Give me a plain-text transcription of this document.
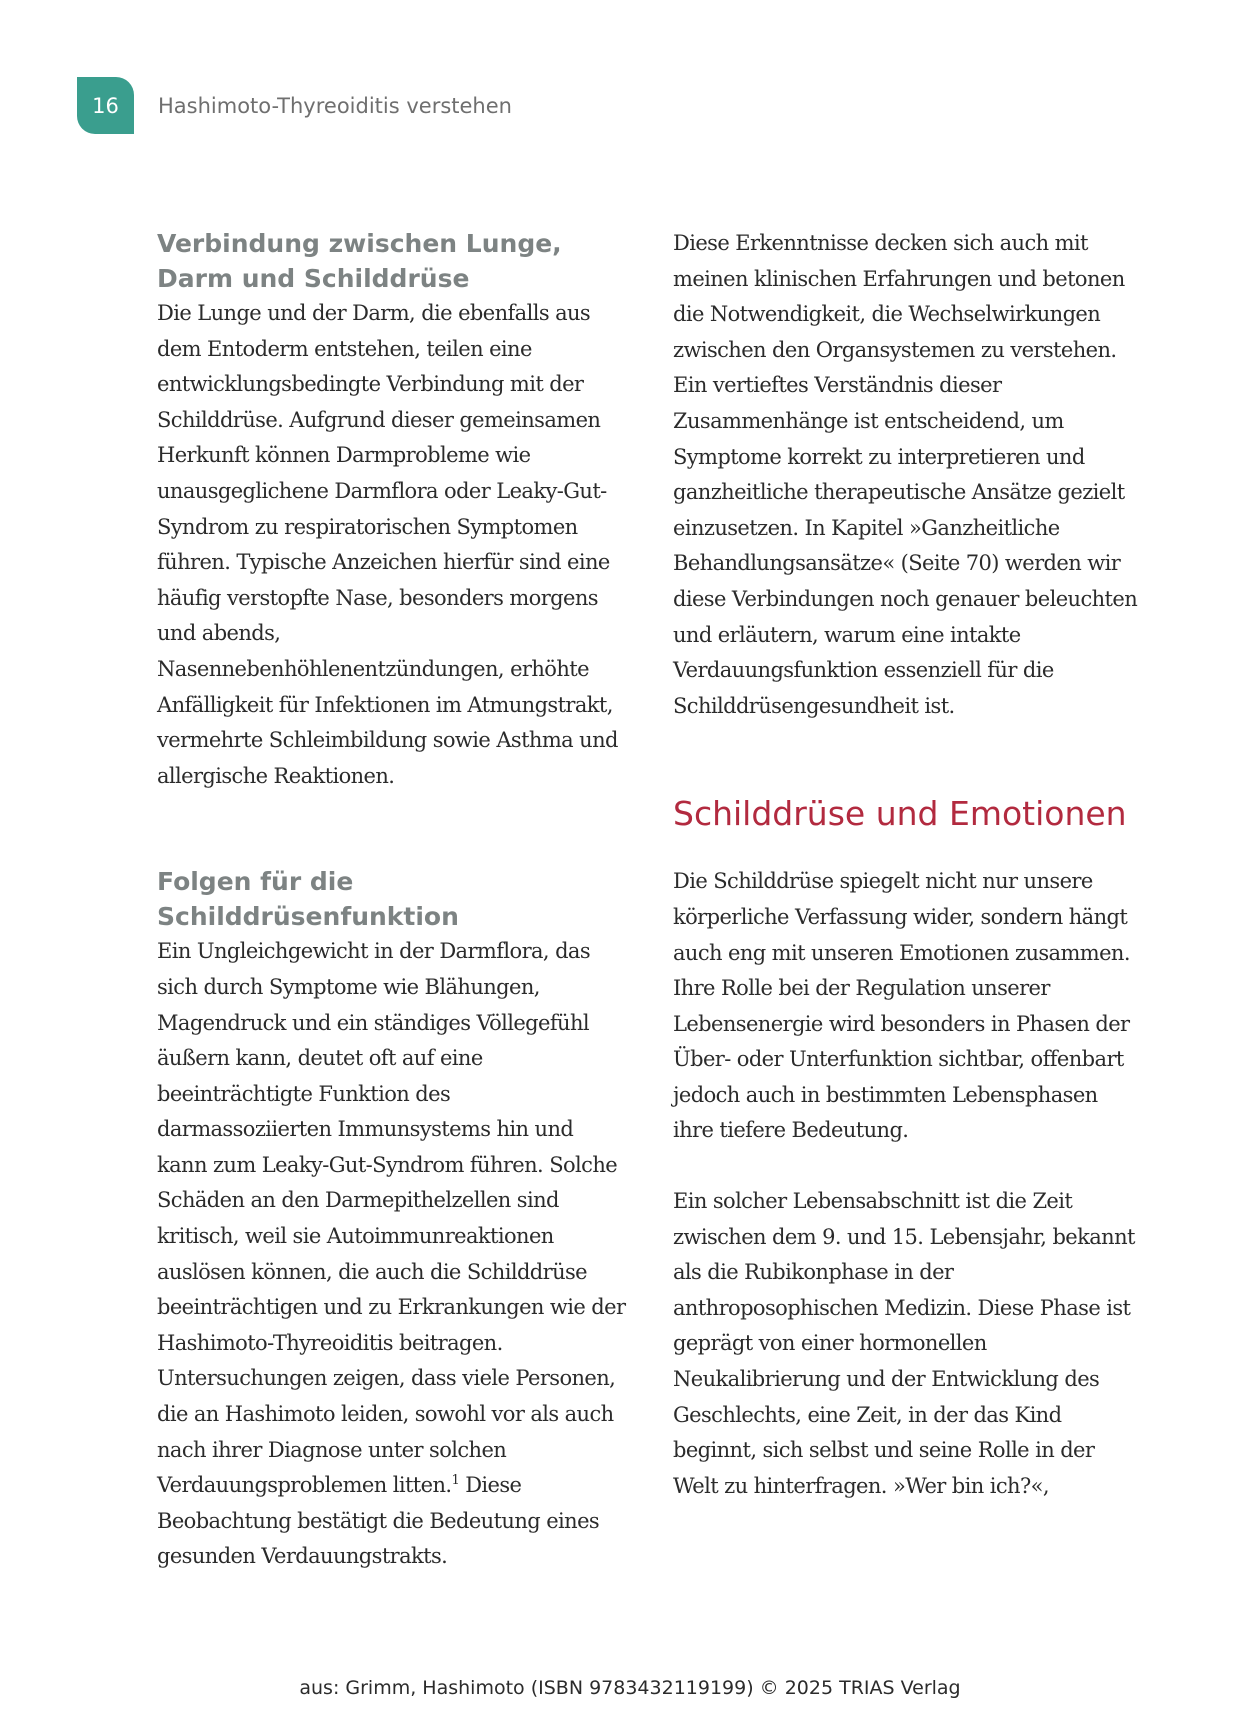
16	Hashimoto-Thyreoiditis verstehen
Verbindung zwischen Lunge, Darm und Schilddrüse

Die Lunge und der Darm, die ebenfalls aus dem Entoderm entstehen, teilen eine entwicklungsbedingte Verbindung mit der Schilddrüse. Aufgrund dieser gemeinsamen Herkunft können Darmprobleme wie unausgeglichene Darmflora oder Leaky-Gut-Syndrom zu respiratorischen Symptomen führen. Typische Anzeichen hierfür sind eine häufig verstopfte Nase, besonders morgens und abends, Nasennebenhöhlenentzündungen, erhöhte Anfälligkeit für Infektionen im Atmungstrakt, vermehrte Schleimbildung sowie Asthma und allergische Reaktionen.

Folgen für die Schilddrüsenfunktion

Ein Ungleichgewicht in der Darmflora, das sich durch Symptome wie Blähungen, Magendruck und ein ständiges Völlegefühl äußern kann, deutet oft auf eine beeinträchtigte Funktion des darmassoziierten Immunsystems hin und kann zum Leaky-Gut-Syndrom führen. Solche Schäden an den Darmepithelzellen sind kritisch, weil sie Autoimmunreaktionen auslösen können, die auch die Schilddrüse beeinträchtigen und zu Erkrankungen wie der Hashimoto-Thyreoiditis beitragen. Untersuchungen zeigen, dass viele Personen, die an Hashimoto leiden, sowohl vor als auch nach ihrer Diagnose unter solchen Verdauungsproblemen litten.$^1$ Diese Beobachtung bestätigt die Bedeutung eines gesunden Verdauungstrakts.

Diese Erkenntnisse decken sich auch mit meinen klinischen Erfahrungen und betonen die Notwendigkeit, die Wechselwirkungen zwischen den Organsystemen zu verstehen. Ein vertieftes Verständnis dieser Zusammenhänge ist entscheidend, um Symptome korrekt zu interpretieren und ganzheitliche therapeutische Ansätze gezielt einzusetzen. In Kapitel »Ganzheitliche Behandlungsansätze« (Seite 70) werden wir diese Verbindungen noch genauer beleuchten und erläutern, warum eine intakte Verdauungsfunktion essenziell für die Schilddrüsengesundheit ist.

Schilddrüse und Emotionen

Die Schilddrüse spiegelt nicht nur unsere körperliche Verfassung wider, sondern hängt auch eng mit unseren Emotionen zusammen. Ihre Rolle bei der Regulation unserer Lebensenergie wird besonders in Phasen der Über- oder Unterfunktion sichtbar, offenbart jedoch auch in bestimmten Lebensphasen ihre tiefere Bedeutung.

Ein solcher Lebensabschnitt ist die Zeit zwischen dem 9. und 15. Lebensjahr, bekannt als die Rubikonphase in der anthroposophischen Medizin. Diese Phase ist geprägt von einer hormonellen Neukalibrierung und der Entwicklung des Geschlechts, eine Zeit, in der das Kind beginnt, sich selbst und seine Rolle in der Welt zu hinterfragen. »Wer bin ich?«,

aus: Grimm, Hashimoto (ISBN 9783432119199) © 2025 TRIAS Verlag
